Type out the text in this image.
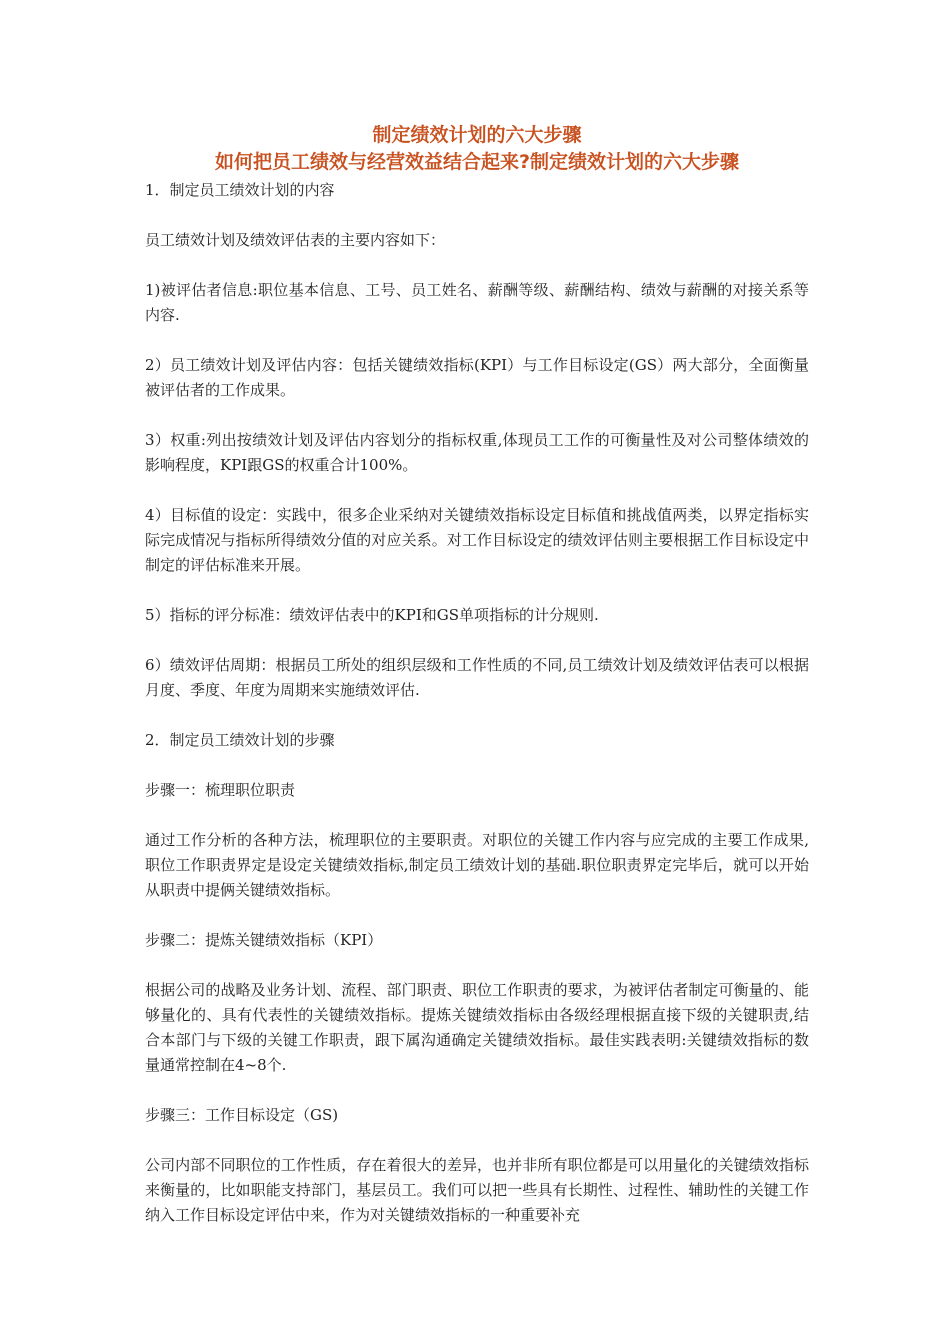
制定绩效计划的六大步骤
如何把员工绩效与经营效益结合起来?制定绩效计划的六大步骤

1．制定员工绩效计划的内容

员工绩效计划及绩效评估表的主要内容如下：

1)被评估者信息:职位基本信息、工号、员工姓名、薪酬等级、薪酬结构、绩效与薪酬的对接关系等内容.

2）员工绩效计划及评估内容：包括关键绩效指标(KPI）与工作目标设定(GS）两大部分，全面衡量被评估者的工作成果。

3）权重:列出按绩效计划及评估内容划分的指标权重,体现员工工作的可衡量性及对公司整体绩效的影响程度，KPI跟GS的权重合计100%。

4）目标值的设定：实践中，很多企业采纳对关键绩效指标设定目标值和挑战值两类，以界定指标实际完成情况与指标所得绩效分值的对应关系。对工作目标设定的绩效评估则主要根据工作目标设定中制定的评估标准来开展。

5）指标的评分标准：绩效评估表中的KPI和GS单项指标的计分规则.

6）绩效评估周期：根据员工所处的组织层级和工作性质的不同,员工绩效计划及绩效评估表可以根据月度、季度、年度为周期来实施绩效评估.

2．制定员工绩效计划的步骤

步骤一：梳理职位职责

通过工作分析的各种方法，梳理职位的主要职责。对职位的关键工作内容与应完成的主要工作成果,职位工作职责界定是设定关键绩效指标,制定员工绩效计划的基础.职位职责界定完毕后，就可以开始从职责中提俩关键绩效指标。

步骤二：提炼关键绩效指标（KPI）

根据公司的战略及业务计划、流程、部门职责、职位工作职责的要求，为被评估者制定可衡量的、能够量化的、具有代表性的关键绩效指标。提炼关键绩效指标由各级经理根据直接下级的关键职责,结合本部门与下级的关键工作职责，跟下属沟通确定关键绩效指标。最佳实践表明:关键绩效指标的数量通常控制在4~8个.

步骤三：工作目标设定（GS)

公司内部不同职位的工作性质，存在着很大的差异，也并非所有职位都是可以用量化的关键绩效指标来衡量的，比如职能支持部门，基层员工。我们可以把一些具有长期性、过程性、辅助性的关键工作纳入工作目标设定评估中来，作为对关键绩效指标的一种重要补充
